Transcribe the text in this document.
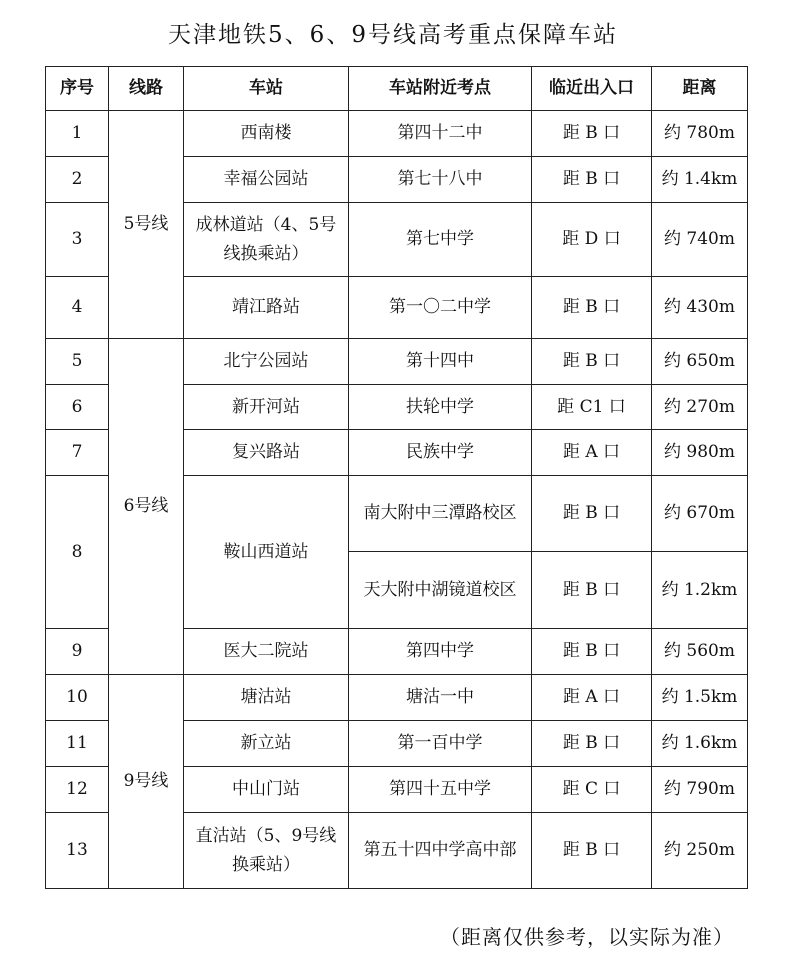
天津地铁5、6、9号线高考重点保障车站
序号	线路	车站	车站附近考点	临近出入口	距离
1	5号线	西南楼	第四十二中	距 B 口	约 780m
2		幸福公园站	第七十八中	距 B 口	约 1.4km
3		成林道站（4、5号线换乘站）	第七中学	距 D 口	约 740m
4		靖江路站	第一〇二中学	距 B 口	约 430m
5	6号线	北宁公园站	第十四中	距 B 口	约 650m
6		新开河站	扶轮中学	距 C1 口	约 270m
7		复兴路站	民族中学	距 A 口	约 980m
8		鞍山西道站	南大附中三潭路校区	距 B 口	约 670m
			天大附中湖镜道校区	距 B 口	约 1.2km
9		医大二院站	第四中学	距 B 口	约 560m
10	9号线	塘沽站	塘沽一中	距 A 口	约 1.5km
11		新立站	第一百中学	距 B 口	约 1.6km
12		中山门站	第四十五中学	距 C 口	约 790m
13		直沽站（5、9号线换乘站）	第五十四中学高中部	距 B 口	约 250m
（距离仅供参考，以实际为准）
